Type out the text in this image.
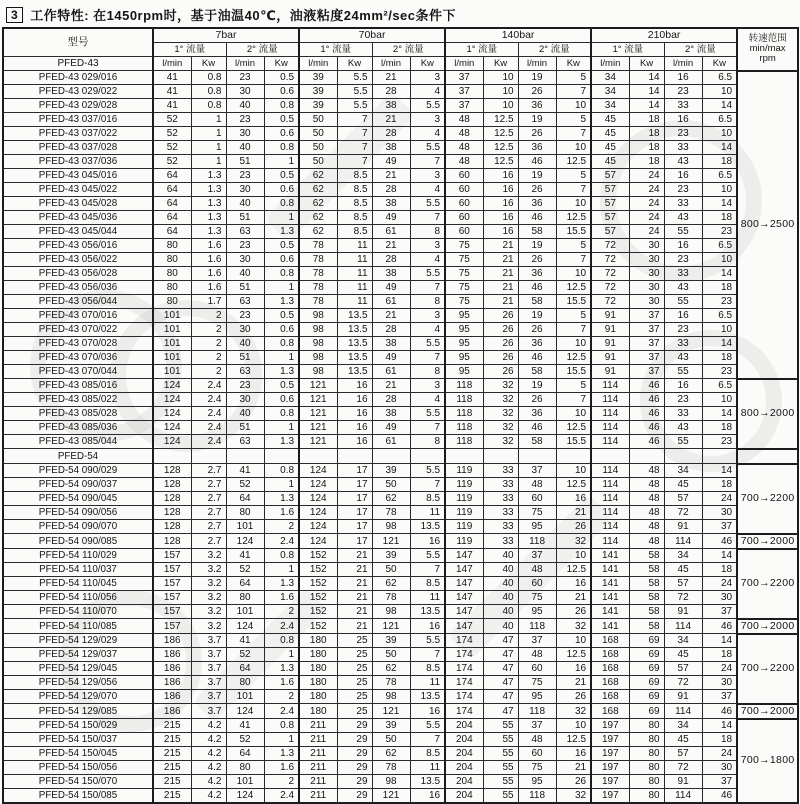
3 工作特性: 在1450rpm时，基于油温40℃，油液粘度24mm²/sec条件下
型号	7bar				70bar				140bar				210bar				转速范围
min/max
rpm
	1° 流量		2° 流量		1° 流量		2° 流量		1° 流量		2° 流量		1° 流量		2° 流量		
PFED-43	l/min	Kw	l/min	Kw	l/min	Kw	l/min	Kw	l/min	Kw	l/min	Kw	l/min	Kw	l/min	Kw	
PFED-43 029/016	41	0.8	23	0.5	39	5.5	21	3	37	10	19	5	34	14	16	6.5	800→2500
PFED-43 029/022	41	0.8	30	0.6	39	5.5	28	4	37	10	26	7	34	14	23	10	
PFED-43 029/028	41	0.8	40	0.8	39	5.5	38	5.5	37	10	36	10	34	14	33	14	
PFED-43 037/016	52	1	23	0.5	50	7	21	3	48	12.5	19	5	45	18	16	6.5	
PFED-43 037/022	52	1	30	0.6	50	7	28	4	48	12.5	26	7	45	18	23	10	
PFED-43 037/028	52	1	40	0.8	50	7	38	5.5	48	12.5	36	10	45	18	33	14	
PFED-43 037/036	52	1	51	1	50	7	49	7	48	12.5	46	12.5	45	18	43	18	
PFED-43 045/016	64	1.3	23	0.5	62	8.5	21	3	60	16	19	5	57	24	16	6.5	
PFED-43 045/022	64	1.3	30	0.6	62	8.5	28	4	60	16	26	7	57	24	23	10	
PFED-43 045/028	64	1.3	40	0.8	62	8.5	38	5.5	60	16	36	10	57	24	33	14	
PFED-43 045/036	64	1.3	51	1	62	8.5	49	7	60	16	46	12.5	57	24	43	18	
PFED-43 045/044	64	1.3	63	1.3	62	8.5	61	8	60	16	58	15.5	57	24	55	23	
PFED-43 056/016	80	1.6	23	0.5	78	11	21	3	75	21	19	5	72	30	16	6.5	
PFED-43 056/022	80	1.6	30	0.6	78	11	28	4	75	21	26	7	72	30	23	10	
PFED-43 056/028	80	1.6	40	0.8	78	11	38	5.5	75	21	36	10	72	30	33	14	
PFED-43 056/036	80	1.6	51	1	78	11	49	7	75	21	46	12.5	72	30	43	18	
PFED-43 056/044	80	1.7	63	1.3	78	11	61	8	75	21	58	15.5	72	30	55	23	
PFED-43 070/016	101	2	23	0.5	98	13.5	21	3	95	26	19	5	91	37	16	6.5	
PFED-43 070/022	101	2	30	0.6	98	13.5	28	4	95	26	26	7	91	37	23	10	
PFED-43 070/028	101	2	40	0.8	98	13.5	38	5.5	95	26	36	10	91	37	33	14	
PFED-43 070/036	101	2	51	1	98	13.5	49	7	95	26	46	12.5	91	37	43	18	
PFED-43 070/044	101	2	63	1.3	98	13.5	61	8	95	26	58	15.5	91	37	55	23	
PFED-43 085/016	124	2.4	23	0.5	121	16	21	3	118	32	19	5	114	46	16	6.5	800→2000
PFED-43 085/022	124	2.4	30	0.6	121	16	28	4	118	32	26	7	114	46	23	10	
PFED-43 085/028	124	2.4	40	0.8	121	16	38	5.5	118	32	36	10	114	46	33	14	
PFED-43 085/036	124	2.4	51	1	121	16	49	7	118	32	46	12.5	114	46	43	18	
PFED-43 085/044	124	2.4	63	1.3	121	16	61	8	118	32	58	15.5	114	46	55	23	
PFED-54																	
PFED-54 090/029	128	2.7	41	0.8	124	17	39	5.5	119	33	37	10	114	48	34	14	700→2200
PFED-54 090/037	128	2.7	52	1	124	17	50	7	119	33	48	12.5	114	48	45	18	
PFED-54 090/045	128	2.7	64	1.3	124	17	62	8.5	119	33	60	16	114	48	57	24	
PFED-54 090/056	128	2.7	80	1.6	124	17	78	11	119	33	75	21	114	48	72	30	
PFED-54 090/070	128	2.7	101	2	124	17	98	13.5	119	33	95	26	114	48	91	37	
PFED-54 090/085	128	2.7	124	2.4	124	17	121	16	119	33	118	32	114	48	114	46	700→2000
PFED-54 110/029	157	3.2	41	0.8	152	21	39	5.5	147	40	37	10	141	58	34	14	700→2200
PFED-54 110/037	157	3.2	52	1	152	21	50	7	147	40	48	12.5	141	58	45	18	
PFED-54 110/045	157	3.2	64	1.3	152	21	62	8.5	147	40	60	16	141	58	57	24	
PFED-54 110/056	157	3.2	80	1.6	152	21	78	11	147	40	75	21	141	58	72	30	
PFED-54 110/070	157	3.2	101	2	152	21	98	13.5	147	40	95	26	141	58	91	37	
PFED-54 110/085	157	3.2	124	2.4	152	21	121	16	147	40	118	32	141	58	114	46	700→2000
PFED-54 129/029	186	3.7	41	0.8	180	25	39	5.5	174	47	37	10	168	69	34	14	700→2200
PFED-54 129/037	186	3.7	52	1	180	25	50	7	174	47	48	12.5	168	69	45	18	
PFED-54 129/045	186	3.7	64	1.3	180	25	62	8.5	174	47	60	16	168	69	57	24	
PFED-54 129/056	186	3.7	80	1.6	180	25	78	11	174	47	75	21	168	69	72	30	
PFED-54 129/070	186	3.7	101	2	180	25	98	13.5	174	47	95	26	168	69	91	37	
PFED-54 129/085	186	3.7	124	2.4	180	25	121	16	174	47	118	32	168	69	114	46	700→2000
PFED-54 150/029	215	4.2	41	0.8	211	29	39	5.5	204	55	37	10	197	80	34	14	700→1800
PFED-54 150/037	215	4.2	52	1	211	29	50	7	204	55	48	12.5	197	80	45	18	
PFED-54 150/045	215	4.2	64	1.3	211	29	62	8.5	204	55	60	16	197	80	57	24	
PFED-54 150/056	215	4.2	80	1.6	211	29	78	11	204	55	75	21	197	80	72	30	
PFED-54 150/070	215	4.2	101	2	211	29	98	13.5	204	55	95	26	197	80	91	37	
PFED-54 150/085	215	4.2	124	2.4	211	29	121	16	204	55	118	32	197	80	114	46	
